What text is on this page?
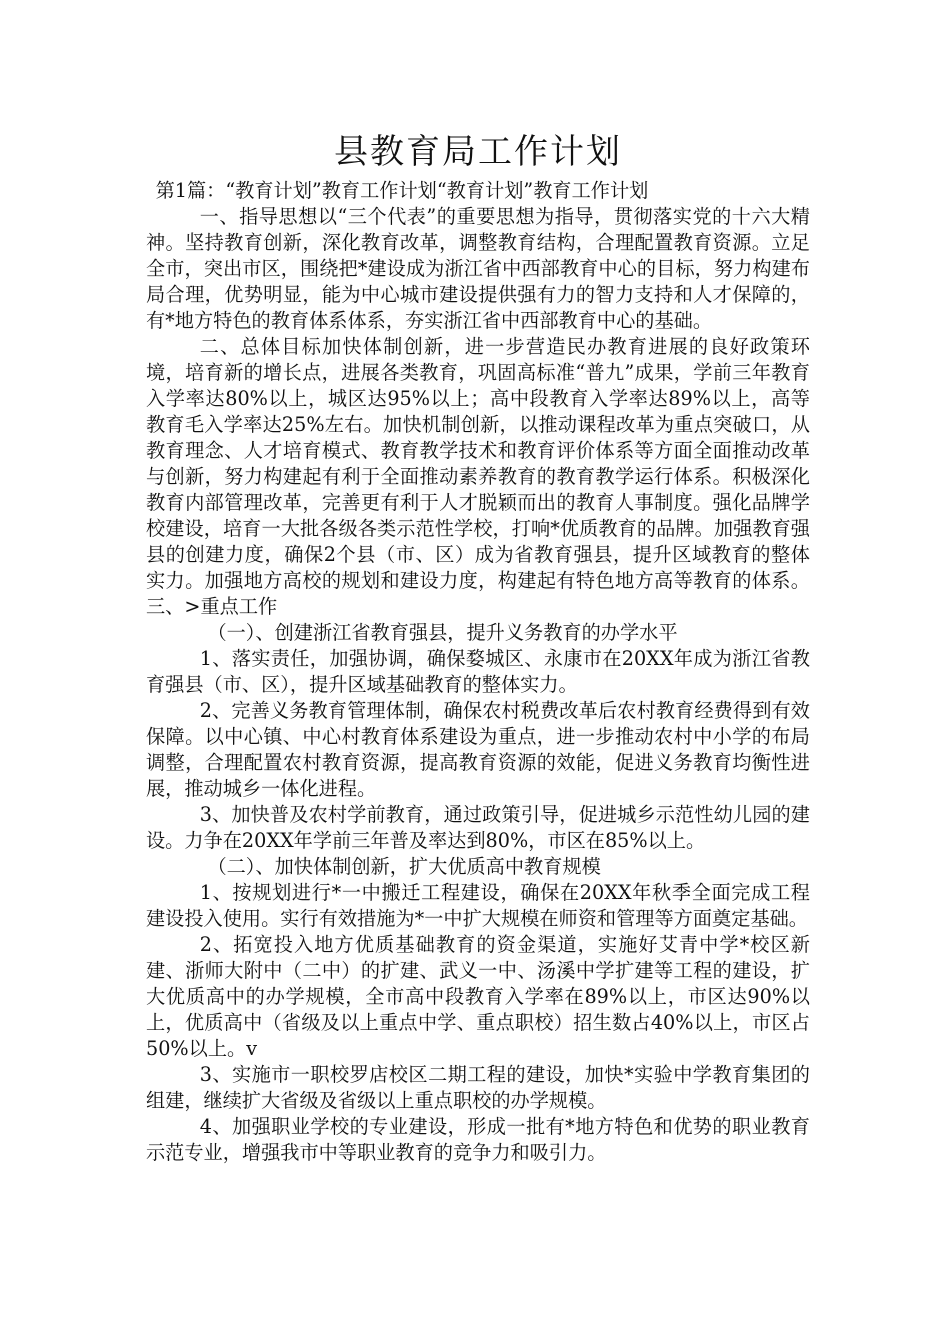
县教育局工作计划

第1篇：“教育计划”教育工作计划“教育计划”教育工作计划

一、指导思想以“三个代表”的重要思想为指导，贯彻落实党的十六大精神。坚持教育创新，深化教育改革，调整教育结构，合理配置教育资源。立足全市，突出市区，围绕把*建设成为浙江省中西部教育中心的目标，努力构建布局合理，优势明显，能为中心城市建设提供强有力的智力支持和人才保障的，有*地方特色的教育体系体系，夯实浙江省中西部教育中心的基础。

二、总体目标加快体制创新，进一步营造民办教育进展的良好政策环境，培育新的增长点，进展各类教育，巩固高标准“普九”成果，学前三年教育入学率达80%以上，城区达95%以上；高中段教育入学率达89%以上，高等教育毛入学率达25%左右。加快机制创新，以推动课程改革为重点突破口，从教育理念、人才培育模式、教育教学技术和教育评价体系等方面全面推动改革与创新，努力构建起有利于全面推动素养教育的教育教学运行体系。积极深化教育内部管理改革，完善更有利于人才脱颖而出的教育人事制度。强化品牌学校建设，培育一大批各级各类示范性学校，打响*优质教育的品牌。加强教育强县的创建力度，确保2个县（市、区）成为省教育强县，提升区域教育的整体实力。加强地方高校的规划和建设力度，构建起有特色地方高等教育的体系。三、>重点工作

（一）、创建浙江省教育强县，提升义务教育的办学水平

1、落实责任，加强协调，确保婺城区、永康市在20XX年成为浙江省教育强县（市、区），提升区域基础教育的整体实力。

2、完善义务教育管理体制，确保农村税费改革后农村教育经费得到有效保障。以中心镇、中心村教育体系建设为重点，进一步推动农村中小学的布局调整，合理配置农村教育资源，提高教育资源的效能，促进义务教育均衡性进展，推动城乡一体化进程。

3、加快普及农村学前教育，通过政策引导，促进城乡示范性幼儿园的建设。力争在20XX年学前三年普及率达到80%，市区在85%以上。

（二）、加快体制创新，扩大优质高中教育规模

1、按规划进行*一中搬迁工程建设，确保在20XX年秋季全面完成工程建设投入使用。实行有效措施为*一中扩大规模在师资和管理等方面奠定基础。

2、拓宽投入地方优质基础教育的资金渠道，实施好艾青中学*校区新建、浙师大附中（二中）的扩建、武义一中、汤溪中学扩建等工程的建设，扩大优质高中的办学规模，全市高中段教育入学率在89%以上，市区达90%以上，优质高中（省级及以上重点中学、重点职校）招生数占40%以上，市区占50%以上。v

3、实施市一职校罗店校区二期工程的建设，加快*实验中学教育集团的组建，继续扩大省级及省级以上重点职校的办学规模。

4、加强职业学校的专业建设，形成一批有*地方特色和优势的职业教育示范专业，增强我市中等职业教育的竞争力和吸引力。
